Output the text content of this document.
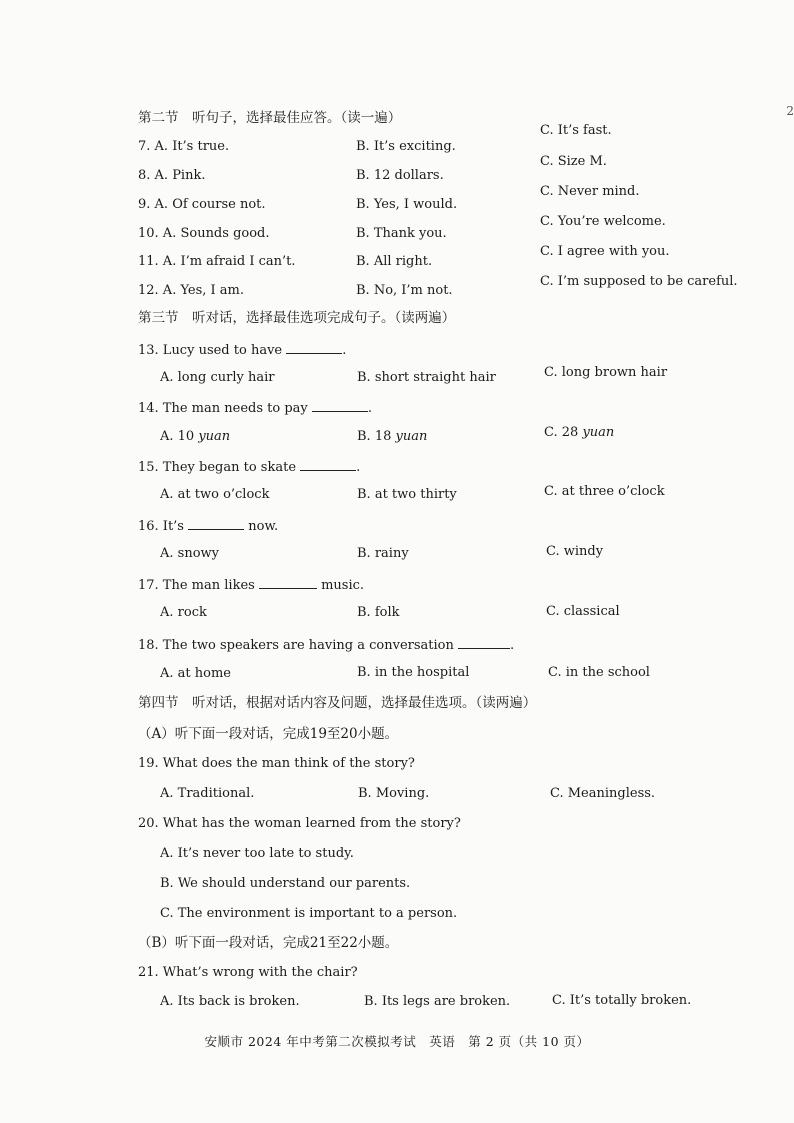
2
第二节　听句子，选择最佳应答。（读一遍）
7. A. It’s true.	B. It’s exciting.
C. It’s fast.
8. A. Pink.	B. 12 dollars.
C. Size M.
9. A. Of course not.	B. Yes, I would.
C. Never mind.
10. A. Sounds good.	B. Thank you.
C. You’re welcome.
11. A. I’m afraid I can’t.	B. All right.
C. I agree with you.
12. A. Yes, I am.	B. No, I’m not.
C. I’m supposed to be careful.
第三节　听对话，选择最佳选项完成句子。（读两遍）
13. Lucy used to have	.
A. long curly hair	B. short straight hair	C. long brown hair
14. The man needs to pay	.
A. 10 yuan	B. 18 yuan	C. 28 yuan
15. They began to skate	.
A. at two o’clock	B. at two thirty	C. at three o’clock
16. It’s	now.
A. snowy	B. rainy	C. windy
17. The man likes	music.
A. rock	B. folk	C. classical
18. The two speakers are having a conversation	.
A. at home	B. in the hospital	C. in the school
第四节　听对话，根据对话内容及问题，选择最佳选项。（读两遍）
（A）听下面一段对话，完成19至20小题。
19. What does the man think of the story?
A. Traditional.	B. Moving.	C. Meaningless.
20. What has the woman learned from the story?
A. It’s never too late to study.
B. We should understand our parents.
C. The environment is important to a person.
（B）听下面一段对话，完成21至22小题。
21. What’s wrong with the chair?
A. Its back is broken.	B. Its legs are broken.	C. It’s totally broken.
安顺市 2024 年中考第二次模拟考试　英语　第 2 页（共 10 页）
